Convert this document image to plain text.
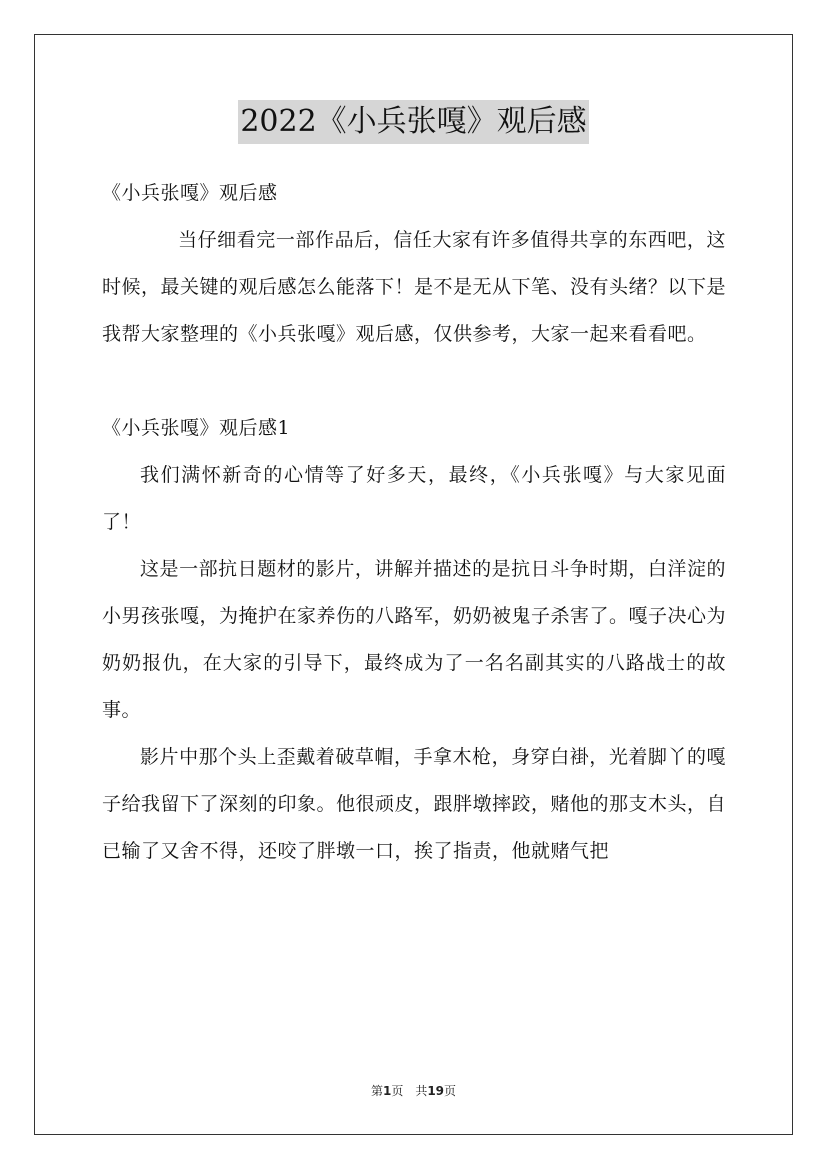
2022《小兵张嘎》观后感

《小兵张嘎》观后感

当仔细看完一部作品后，信任大家有许多值得共享的东西吧，这时候，最关键的观后感怎么能落下！是不是无从下笔、没有头绪？以下是我帮大家整理的《小兵张嘎》观后感，仅供参考，大家一起来看看吧。

《小兵张嘎》观后感1

我们满怀新奇的心情等了好多天，最终，《小兵张嘎》与大家见面了！

这是一部抗日题材的影片，讲解并描述的是抗日斗争时期，白洋淀的小男孩张嘎，为掩护在家养伤的八路军，奶奶被鬼子杀害了。嘎子决心为奶奶报仇，在大家的引导下，最终成为了一名名副其实的八路战士的故事。

影片中那个头上歪戴着破草帽，手拿木枪，身穿白褂，光着脚丫的嘎子给我留下了深刻的印象。他很顽皮，跟胖墩摔跤，赌他的那支木头，自已输了又舍不得，还咬了胖墩一口，挨了指责，他就赌气把

第1页　共19页
